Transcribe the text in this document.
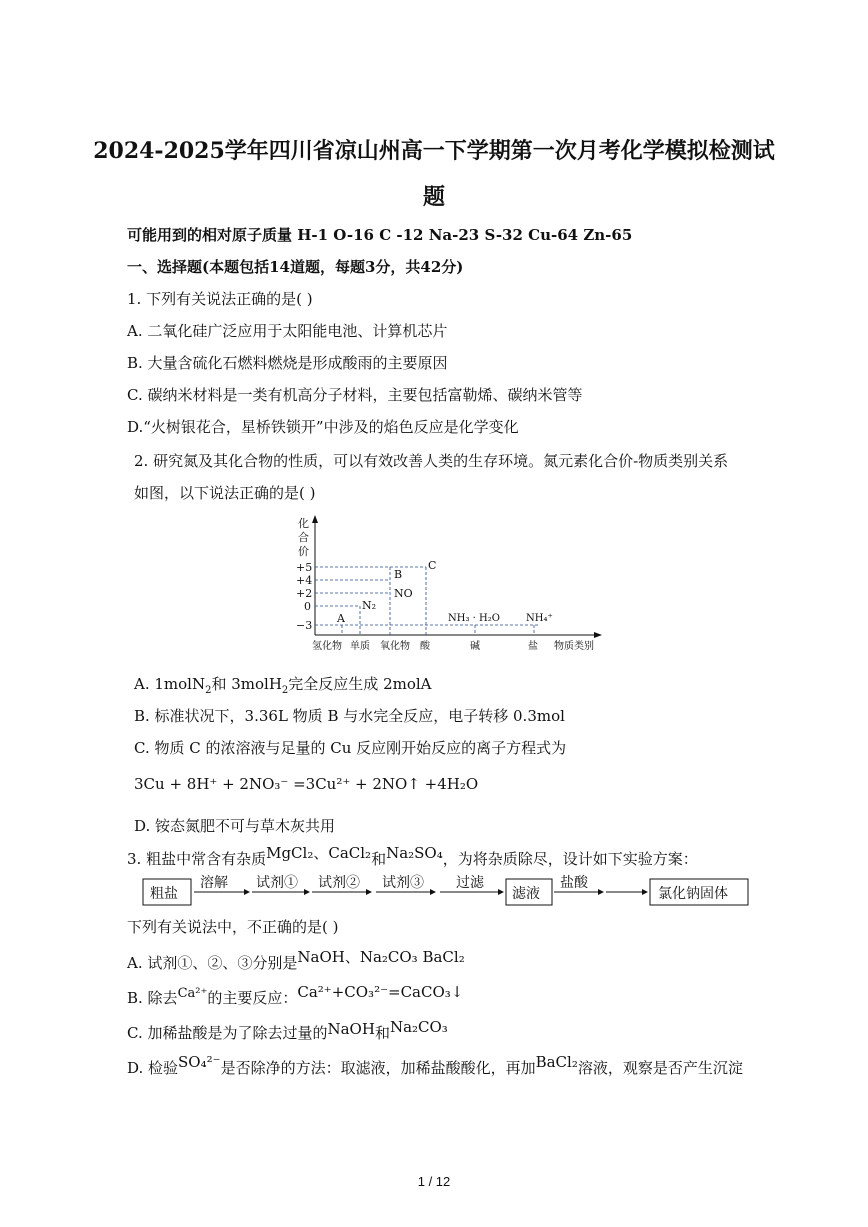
2024-2025学年四川省凉山州高一下学期第一次月考化学模拟检测试
题
可能用到的相对原子质量 H-1 O-16 C -12 Na-23 S-32 Cu-64 Zn-65
一、选择题(本题包括14道题，每题3分，共42分)
1. 下列有关说法正确的是( )
A. 二氧化硅广泛应用于太阳能电池、计算机芯片
B. 大量含硫化石燃料燃烧是形成酸雨的主要原因
C. 碳纳米材料是一类有机高分子材料，主要包括富勒烯、碳纳米管等
D.“火树银花合，星桥铁锁开”中涉及的焰色反应是化学变化
2. 研究氮及其化合物的性质，可以有效改善人类的生存环境。氮元素化合价-物质类别关系
如图，以下说法正确的是( )
化
合
价
+5
+4
+2
0
−3
A
N₂
B
NO
C
NH₃ · H₂O	NH₄⁺
氢化物 单质 氧化物 酸	碱	盐 物质类别
A. 1molN$_2$和 3molH$_2$完全反应生成 2molA
B. 标准状况下，3.36L 物质 B 与水完全反应，电子转移 0.3mol
C. 物质 C 的浓溶液与足量的 Cu 反应刚开始反应的离子方程式为
3Cu + 8H⁺ + 2NO₃⁻ =3Cu²⁺ + 2NO↑ +4H₂O
D. 铵态氮肥不可与草木灰共用
3. 粗盐中常含有杂质MgCl₂、CaCl₂和Na₂SO₄，为将杂质除尽，设计如下实验方案：
粗盐
溶解 试剂① 试剂② 试剂③ 过滤
滤液
盐酸
氯化钠固体
下列有关说法中，不正确的是( )
A. 试剂①、②、③分别是NaOH、Na₂CO₃ BaCl₂
B. 除去Ca²⁺的主要反应：Ca²⁺+CO₃²⁻=CaCO₃↓
C. 加稀盐酸是为了除去过量的NaOH和Na₂CO₃
D. 检验SO₄²⁻是否除净的方法：取滤液，加稀盐酸酸化，再加BaCl₂溶液，观察是否产生沉淀
1 / 12
